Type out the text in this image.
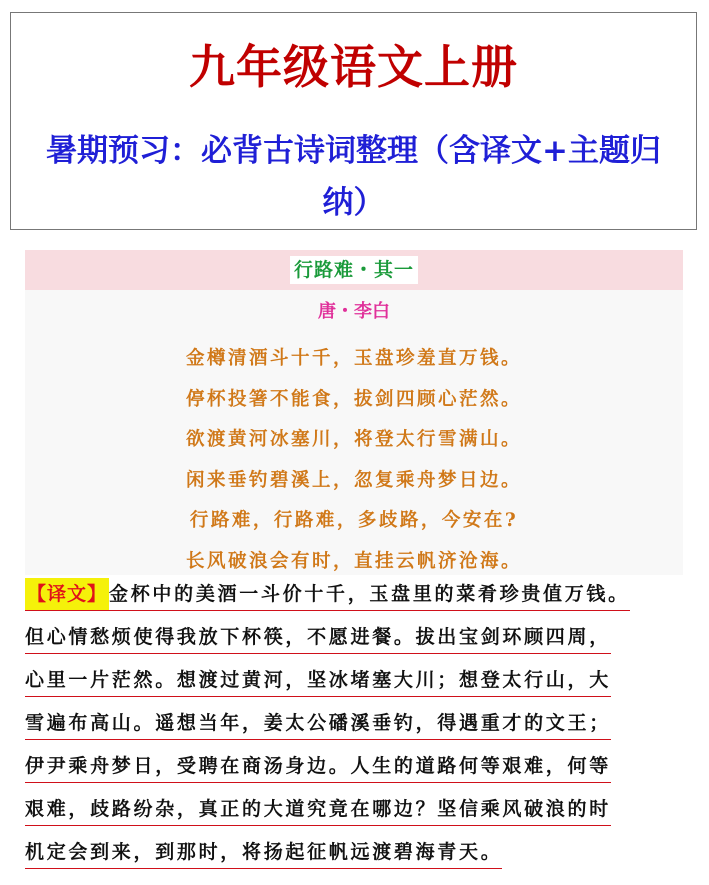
九年级语文上册
暑期预习：必背古诗词整理（含译文+主题归纳）
行路难・其一
唐・李白
金樽清酒斗十千，玉盘珍羞直万钱。
停杯投箸不能食，拔剑四顾心茫然。
欲渡黄河冰塞川，将登太行雪满山。
闲来垂钓碧溪上，忽复乘舟梦日边。
行路难，行路难，多歧路，今安在?
长风破浪会有时，直挂云帆济沧海。
【译文】 金杯中的美酒一斗价十千，玉盘里的菜肴珍贵值万钱。
但心情愁烦使得我放下杯筷，不愿进餐。拔出宝剑环顾四周，
心里一片茫然。想渡过黄河，坚冰堵塞大川；想登太行山，大
雪遍布高山。遥想当年，姜太公磻溪垂钓，得遇重才的文王；
伊尹乘舟梦日，受聘在商汤身边。人生的道路何等艰难，何等
艰难，歧路纷杂，真正的大道究竟在哪边？坚信乘风破浪的时
机定会到来，到那时，将扬起征帆远渡碧海青天。
